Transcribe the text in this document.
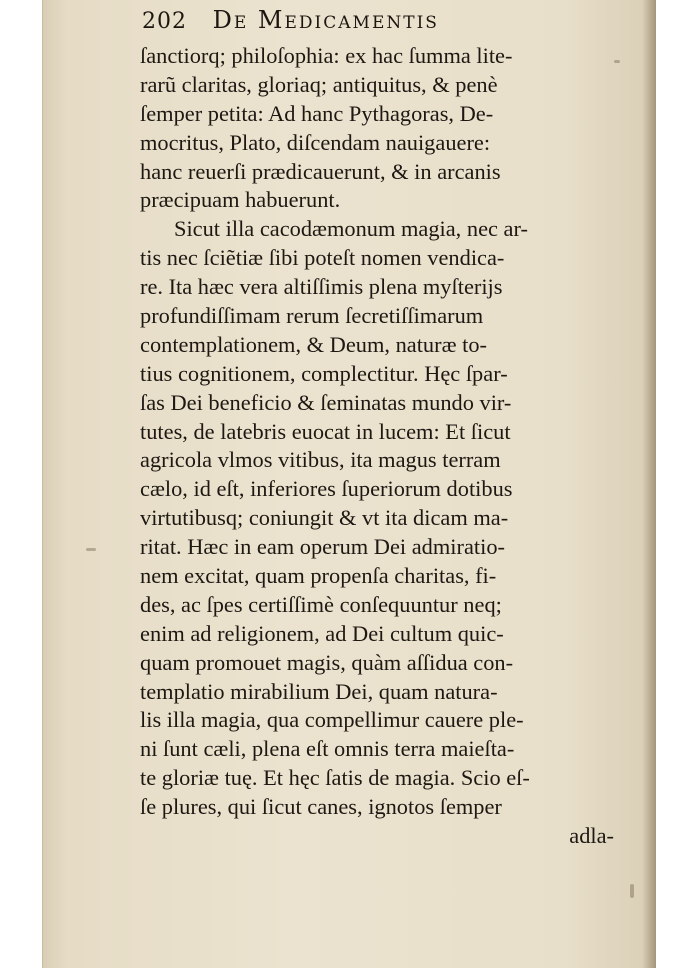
202 De Medicamentis
ſanctiorq; philoſophia: ex hac ſumma lite-
rarũ claritas, gloriaq; antiquitus, & penè
ſemper petita: Ad hanc Pythagoras, De-
mocritus, Plato, diſcendam nauigauere:
hanc reuerſi prædicauerunt, & in arcanis
præcipuam habuerunt.
Sicut illa cacodæmonum magia, nec ar-
tis nec ſciẽtiæ ſibi poteſt nomen vendica-
re. Ita hæc vera altiſſimis plena myſterijs
profundiſſimam rerum ſecretiſſimarum
contemplationem, & Deum, naturæ to-
tius cognitionem, complectitur. Hęc ſpar-
ſas Dei beneficio & ſeminatas mundo vir-
tutes, de latebris euocat in lucem: Et ſicut
agricola vlmos vitibus, ita magus terram
cælo, id eſt, inferiores ſuperiorum dotibus
virtutibusq; coniungit & vt ita dicam ma-
ritat. Hæc in eam operum Dei admiratio-
nem excitat, quam propenſa charitas, fi-
des, ac ſpes certiſſimè conſequuntur neq;
enim ad religionem, ad Dei cultum quic-
quam promouet magis, quàm aſſidua con-
templatio mirabilium Dei, quam natura-
lis illa magia, qua compellimur cauere ple-
ni ſunt cæli, plena eſt omnis terra maieſta-
te gloriæ tuę. Et hęc ſatis de magia. Scio eſ-
ſe plures, qui ſicut canes, ignotos ſemper
adla-
